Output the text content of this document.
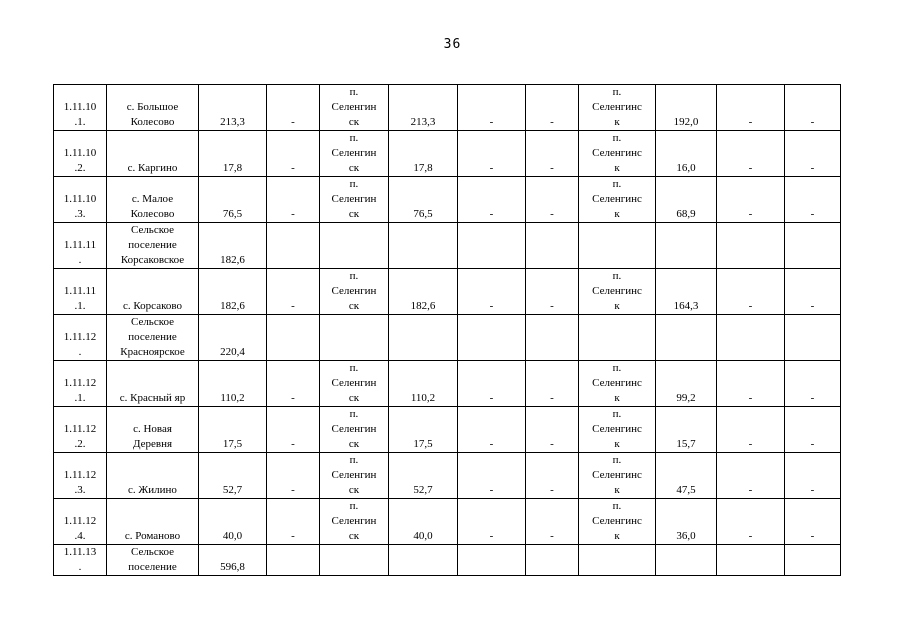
36
1.11.10
.1.	с. Большое
Колесово	213,3	-	п.
Селенгин
ск	213,3	-	-	п.
Селенгинс
к	192,0	-	-

1.11.10
.2.	с. Каргино	17,8	-	п.
Селенгин
ск	17,8	-	-	п.
Селенгинс
к	16,0	-	-

1.11.10
.3.	с. Малое
Колесово	76,5	-	п.
Селенгин
ск	76,5	-	-	п.
Селенгинс
к	68,9	-	-

1.11.11
.	Сельское
поселение
Корсаковское	182,6									

1.11.11
.1.	с. Корсаково	182,6	-	п.
Селенгин
ск	182,6	-	-	п.
Селенгинс
к	164,3	-	-

1.11.12
.	Сельское
поселение
Красноярское	220,4									

1.11.12
.1.	с. Красный яр	110,2	-	п.
Селенгин
ск	110,2	-	-	п.
Селенгинс
к	99,2	-	-

1.11.12
.2.	с. Новая
Деревня	17,5	-	п.
Селенгин
ск	17,5	-	-	п.
Селенгинс
к	15,7	-	-

1.11.12
.3.	с. Жилино	52,7	-	п.
Селенгин
ск	52,7	-	-	п.
Селенгинс
к	47,5	-	-

1.11.12
.4.	с. Романово	40,0	-	п.
Селенгин
ск	40,0	-	-	п.
Селенгинс
к	36,0	-	-

1.11.13
.	Сельское
поселение	596,8									
